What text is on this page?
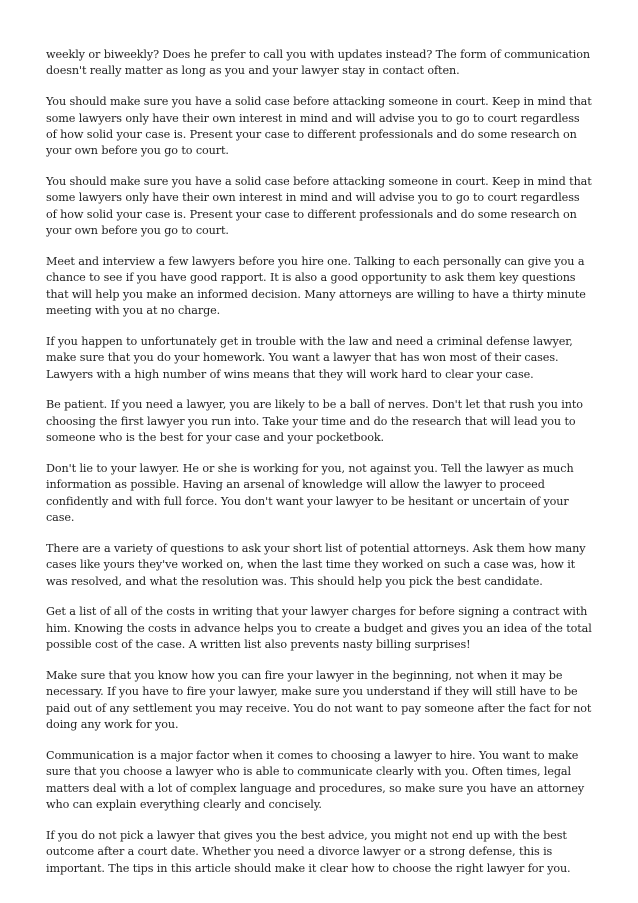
weekly or biweekly? Does he prefer to call you with updates instead? The form of communication doesn't really matter as long as you and your lawyer stay in contact often.

You should make sure you have a solid case before attacking someone in court. Keep in mind that some lawyers only have their own interest in mind and will advise you to go to court regardless of how solid your case is. Present your case to different professionals and do some research on your own before you go to court.

You should make sure you have a solid case before attacking someone in court. Keep in mind that some lawyers only have their own interest in mind and will advise you to go to court regardless of how solid your case is. Present your case to different professionals and do some research on your own before you go to court.

Meet and interview a few lawyers before you hire one. Talking to each personally can give you a chance to see if you have good rapport. It is also a good opportunity to ask them key questions that will help you make an informed decision. Many attorneys are willing to have a thirty minute meeting with you at no charge.

If you happen to unfortunately get in trouble with the law and need a criminal defense lawyer, make sure that you do your homework. You want a lawyer that has won most of their cases. Lawyers with a high number of wins means that they will work hard to clear your case.

Be patient. If you need a lawyer, you are likely to be a ball of nerves. Don't let that rush you into choosing the first lawyer you run into. Take your time and do the research that will lead you to someone who is the best for your case and your pocketbook.

Don't lie to your lawyer. He or she is working for you, not against you. Tell the lawyer as much information as possible. Having an arsenal of knowledge will allow the lawyer to proceed confidently and with full force. You don't want your lawyer to be hesitant or uncertain of your case.

There are a variety of questions to ask your short list of potential attorneys. Ask them how many cases like yours they've worked on, when the last time they worked on such a case was, how it was resolved, and what the resolution was. This should help you pick the best candidate.

Get a list of all of the costs in writing that your lawyer charges for before signing a contract with him. Knowing the costs in advance helps you to create a budget and gives you an idea of the total possible cost of the case. A written list also prevents nasty billing surprises!

Make sure that you know how you can fire your lawyer in the beginning, not when it may be necessary. If you have to fire your lawyer, make sure you understand if they will still have to be paid out of any settlement you may receive. You do not want to pay someone after the fact for not doing any work for you.

Communication is a major factor when it comes to choosing a lawyer to hire. You want to make sure that you choose a lawyer who is able to communicate clearly with you. Often times, legal matters deal with a lot of complex language and procedures, so make sure you have an attorney who can explain everything clearly and concisely.

If you do not pick a lawyer that gives you the best advice, you might not end up with the best outcome after a court date. Whether you need a divorce lawyer or a strong defense, this is important. The tips in this article should make it clear how to choose the right lawyer for you.
